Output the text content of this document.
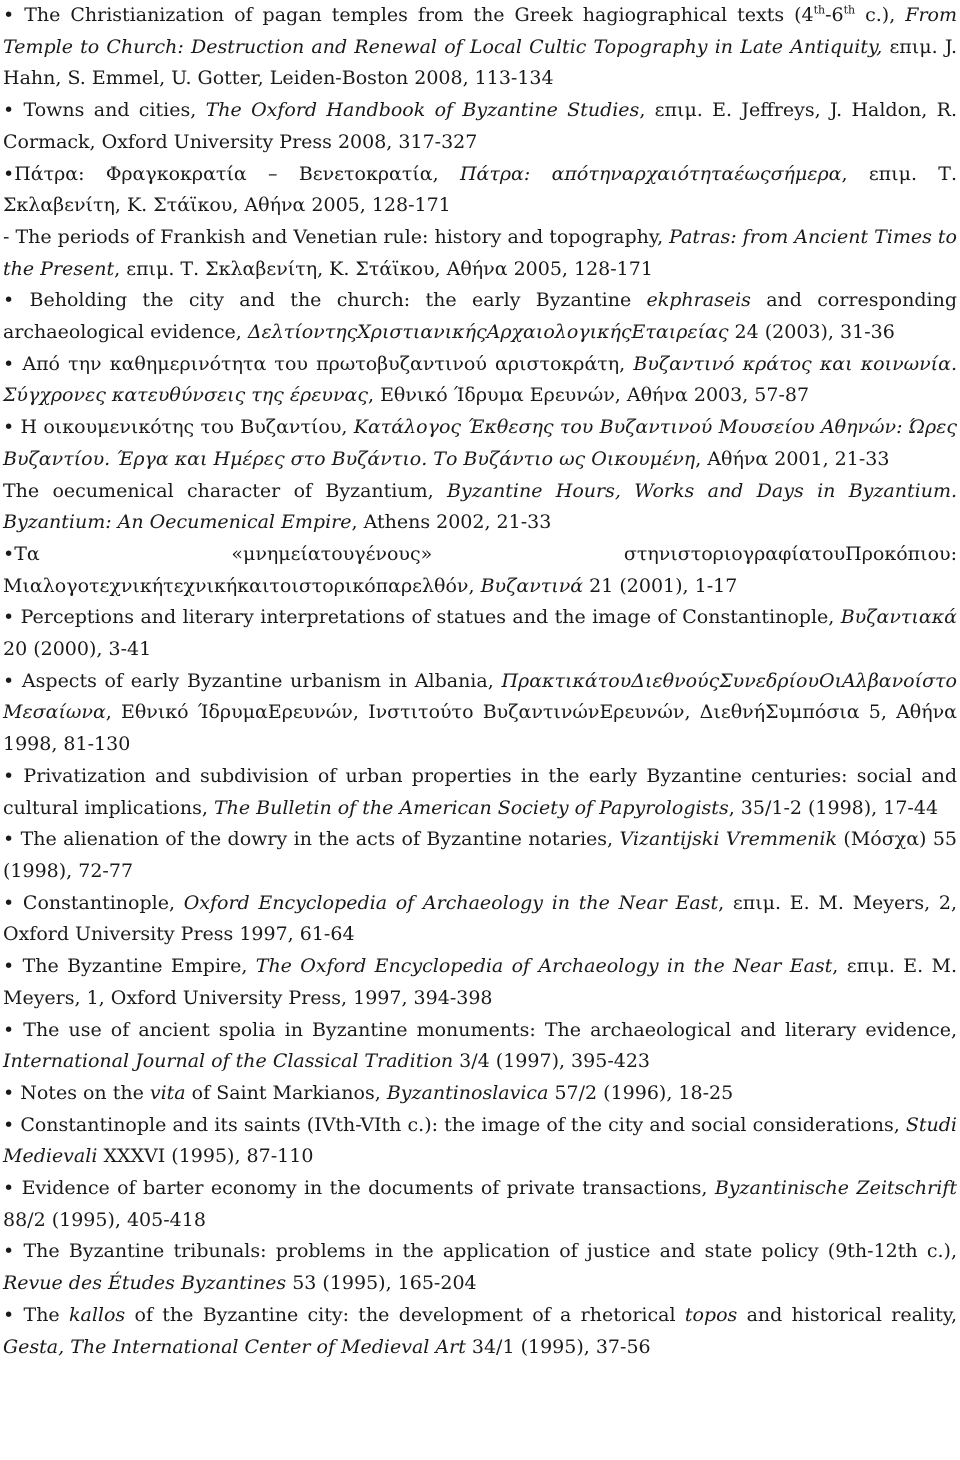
• The Christianization of pagan temples from the Greek hagiographical texts (4th-6th c.), From Temple to Church: Destruction and Renewal of Local Cultic Topography in Late Antiquity, επιμ. J. Hahn, S. Emmel, U. Gotter, Leiden-Boston 2008, 113-134

• Towns and cities, The Oxford Handbook of Byzantine Studies, επιμ. E. Jeffreys, J. Haldon, R. Cormack, Oxford University Press 2008, 317-327

•Πάτρα: Φραγκοκρατία – Βενετοκρατία, Πάτρα: απότηναρχαιότηταέωςσήμερα, επιμ. Τ. Σκλαβενίτη, Κ. Στάϊκου, Αθήνα 2005, 128-171

- The periods of Frankish and Venetian rule: history and topography, Patras: from Ancient Times to the Present, επιμ. Τ. Σκλαβενίτη, Κ. Στάϊκου, Αθήνα 2005, 128-171

• Beholding the city and the church: the early Byzantine ekphraseis and corresponding archaeological evidence, ΔελτίοντηςΧριστιανικήςΑρχαιολογικήςΕταιρείας 24 (2003), 31-36

• Από την καθημερινότητα του πρωτοβυζαντινού αριστοκράτη, Βυζαντινό κράτος και κοινωνία. Σύγχρονες κατευθύνσεις της έρευνας, Εθνικό Ίδρυμα Ερευνών, Αθήνα 2003, 57-87

• Η οικουμενικότης του Βυζαντίου, Κατάλογος Έκθεσης του Βυζαντινού Μουσείου Αθηνών: Ώρες Βυζαντίου. Έργα και Ημέρες στο Βυζάντιο. Το Βυζάντιο ως Οικουμένη, Αθήνα 2001, 21-33

The oecumenical character of Byzantium, Byzantine Hours, Works and Days in Byzantium. Byzantium: An Oecumenical Empire, Athens 2002, 21-33

•Τα «μνημείατουγένους» στηνιστοριογραφίατουΠροκόπιου: Μιαλογοτεχνικήτεχνικήκαιτοιστορικόπαρελθόν, Βυζαντινά 21 (2001), 1-17

• Perceptions and literary interpretations of statues and the image of Constantinople, Βυζαντιακά 20 (2000), 3-41

• Aspects of early Byzantine urbanism in Albania, ΠρακτικάτουΔιεθνούςΣυνεδρίουΟιΑλβανοίστο Μεσαίωνα, Εθνικό ΊδρυμαΕρευνών, Ινστιτούτο ΒυζαντινώνΕρευνών, ΔιεθνήΣυμπόσια 5, Αθήνα 1998, 81-130

• Privatization and subdivision of urban properties in the early Byzantine centuries: social and cultural implications, The Bulletin of the American Society of Papyrologists, 35/1-2 (1998), 17-44

• The alienation of the dowry in the acts of Byzantine notaries, Vizantijski Vremmenik (Μόσχα) 55 (1998), 72-77

• Constantinople, Oxford Encyclopedia of Archaeology in the Near East, επιμ. E. M. Meyers, 2, Oxford University Press 1997, 61-64

• The Byzantine Empire, The Oxford Encyclopedia of Archaeology in the Near East, επιμ. E. M. Meyers, 1, Oxford University Press, 1997, 394-398

• The use of ancient spolia in Byzantine monuments: The archaeological and literary evidence, International Journal of the Classical Tradition 3/4 (1997), 395-423

• Notes on the vita of Saint Markianos, Byzantinoslavica 57/2 (1996), 18-25

• Constantinople and its saints (IVth-VIth c.): the image of the city and social considerations, Studi Medievali XXXVI (1995), 87-110

• Evidence of barter economy in the documents of private transactions, Byzantinische Zeitschrift 88/2 (1995), 405-418

• The Byzantine tribunals: problems in the application of justice and state policy (9th-12th c.), Revue des Études Byzantines 53 (1995), 165-204

• The kallos of the Byzantine city: the development of a rhetorical topos and historical reality, Gesta, The International Center of Medieval Art 34/1 (1995), 37-56
